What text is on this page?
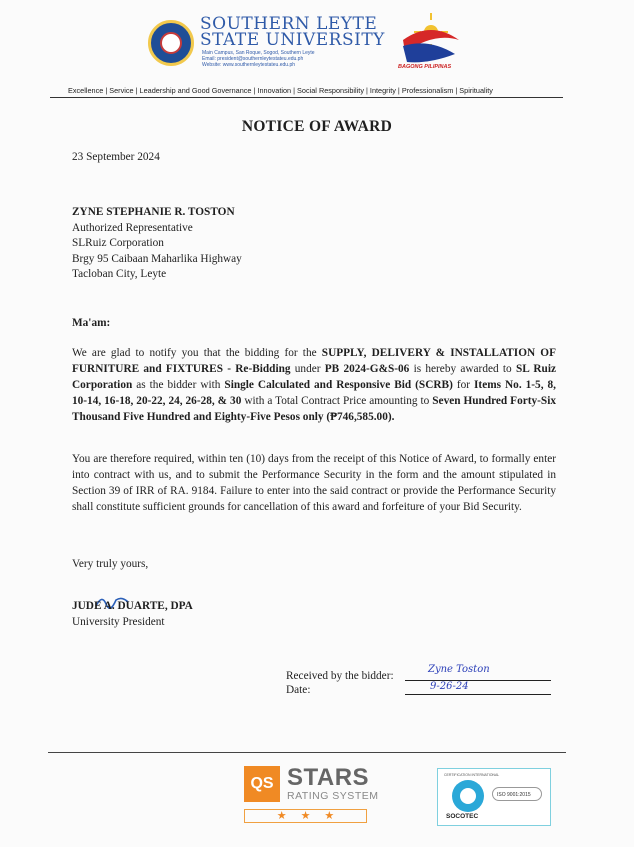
SOUTHERN LEYTE
STATE UNIVERSITY
Main Campus, San Roque, Sogod, Southern Leyte
Email: president@southernleytestateu.edu.ph
Website: www.southernleytestateu.edu.ph	BAGONG PILIPINAS
Excellence | Service | Leadership and Good Governance | Innovation | Social Responsibility | Integrity | Professionalism | Spirituality
NOTICE OF AWARD
23 September 2024
ZYNE STEPHANIE R. TOSTON
Authorized Representative
SLRuiz Corporation
Brgy 95 Caibaan Maharlika Highway
Tacloban City, Leyte
Ma'am:
We are glad to notify you that the bidding for the SUPPLY, DELIVERY & INSTALLATION OF FURNITURE and FIXTURES - Re-Bidding under PB 2024-G&S-06 is hereby awarded to SL Ruiz Corporation as the bidder with Single Calculated and Responsive Bid (SCRB) for Items No. 1-5, 8, 10-14, 16-18, 20-22, 24, 26-28, & 30 with a Total Contract Price amounting to Seven Hundred Forty-Six Thousand Five Hundred and Eighty-Five Pesos only (₱746,585.00).
You are therefore required, within ten (10) days from the receipt of this Notice of Award, to formally enter into contract with us, and to submit the Performance Security in the form and the amount stipulated in Section 39 of IRR of RA. 9184. Failure to enter into the said contract or provide the Performance Security shall constitute sufficient grounds for cancellation of this award and forfeiture of your Bid Security.
Very truly yours,
JUDE A. DUARTE, DPA
University President
Received by the bidder:
Date:
Zyne Toston
9-26-24
QS STARS
RATING SYSTEM
★★★
CERTIFICATION INTERNATIONAL
ISO 9001:2015
SOCOTEC
